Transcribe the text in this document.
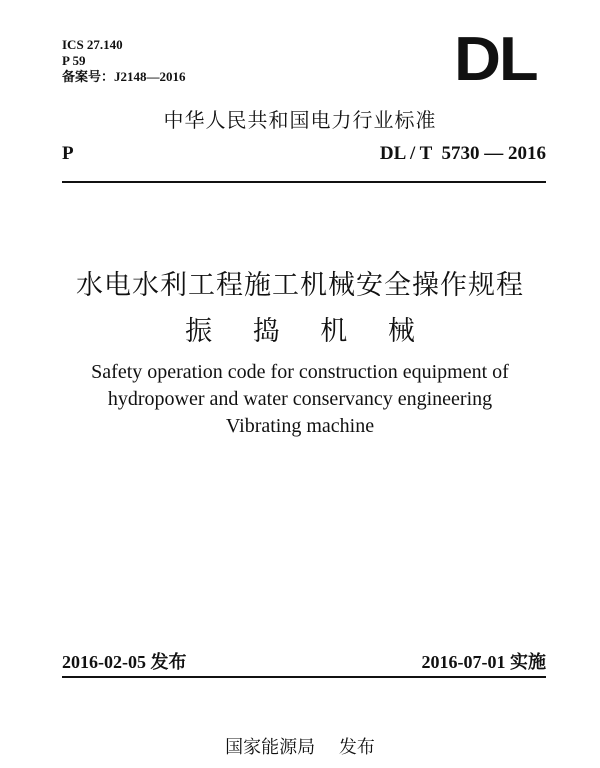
ICS 27.140
P 59
备案号：J2148—2016	DL
中华人民共和国电力行业标准
P	DL / T  5730 — 2016
水电水利工程施工机械安全操作规程
振 捣 机 械
Safety operation code for construction equipment of
hydropower and water conservancy engineering
Vibrating machine
2016-02-05 发布	2016-07-01 实施
国家能源局 发布
